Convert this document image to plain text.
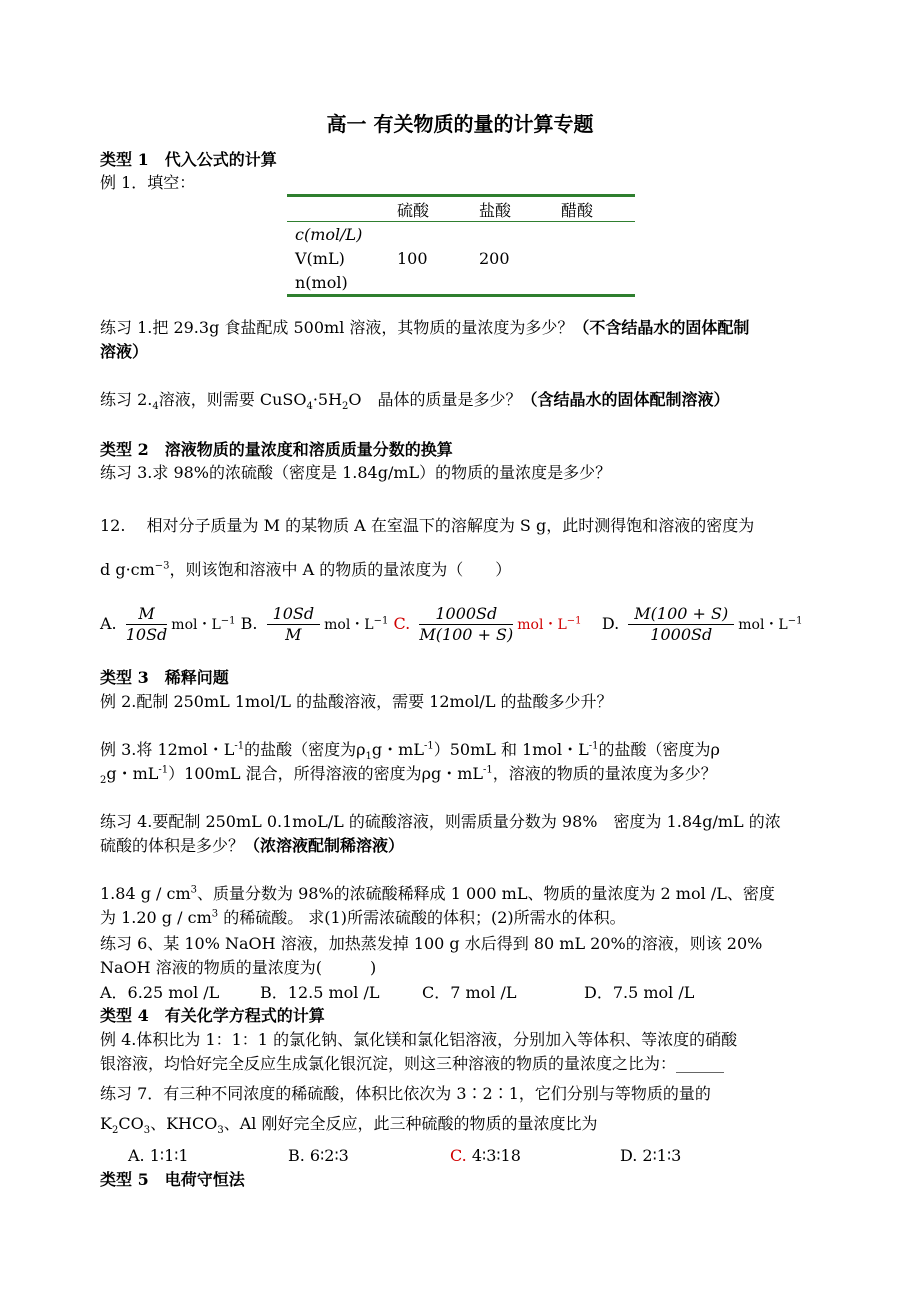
高一 有关物质的量的计算专题
类型 1　代入公式的计算
例 1．填空：
	硫酸	盐酸	醋酸
c(mol/L)			
V(mL)	100	200	
n(mol)			
练习 1.把 29.3g 食盐配成 500ml 溶液，其物质的量浓度为多少？（不含结晶水的固体配制
溶液）
练习 $2._4$溶液，则需要 $CuSO_4\cdot 5H_2O$　晶体的质量是多少？（含结晶水的固体配制溶液）
类型 2　溶液物质的量浓度和溶质质量分数的换算
练习 3.求 98%的浓硫酸（密度是 1.84g/mL）的物质的量浓度是多少？
12.　 相对分子质量为 M 的某物质 A 在室温下的溶解度为 S g，此时测得饱和溶液的密度为
d $g\cdot cm^{-3}$，则该饱和溶液中 A 的物质的量浓度为（　　）
A. $\frac{M}{10Sd}$ mol・$L^{-1}$ B. $\frac{10Sd}{M}$ mol・$L^{-1}$ C. $\frac{1000Sd}{M(100 + S)}$ mol・$L^{-1}$ D. $\frac{M(100 + S)}{1000Sd}$ mol・$L^{-1}$
类型 3　稀释问题
例 2.配制 250mL 1mol/L 的盐酸溶液，需要 12mol/L 的盐酸多少升？
例 3.将 12mol・$L^{-1}$的盐酸（密度为$\rho_1g$・$mL^{-1})50mL$ 和 1mol・$L^{-1}$的盐酸（密度为ρ
$_2$g・$mL^{-1})100mL$ 混合，所得溶液的密度为ρg・$mL^{-1}$，溶液的物质的量浓度为多少？
练习 4.要配制 250mL 0.1moL/L 的硫酸溶液，则需质量分数为 98%　密度为 1.84g/mL 的浓
硫酸的体积是多少？（浓溶液配制稀溶液）
1.84 g / $cm^3$、质量分数为 98%的浓硫酸稀释成 1 000 mL、物质的量浓度为 2 mol /L、密度
为 1.20 g / $cm^3$ 的稀硫酸。 求(1)所需浓硫酸的体积；(2)所需水的体积。
练习 6、某 10% NaOH 溶液，加热蒸发掉 100 g 水后得到 80 mL 20%的溶液，则该 20%
NaOH 溶液的物质的量浓度为(　　　)
A．6.25 mol /L	B．12.5 mol /L	C．7 mol /L	D．7.5 mol /L
类型 4　有关化学方程式的计算
例 4.体积比为 1：1：1 的氯化钠、氯化镁和氯化铝溶液，分别加入等体积、等浓度的硝酸
银溶液，均恰好完全反应生成氯化银沉淀，则这三种溶液的物质的量浓度之比为：______
练习 7．有三种不同浓度的稀硫酸，体积比依次为 3∶2∶1，它们分别与等物质的量的
$K_2CO_3$、$KHCO_3$、Al 刚好完全反应，此三种硫酸的物质的量浓度比为
A. 1∶1∶1	B. 6∶2∶3	C. 4∶3∶18	D. 2∶1∶3
类型 5　电荷守恒法
